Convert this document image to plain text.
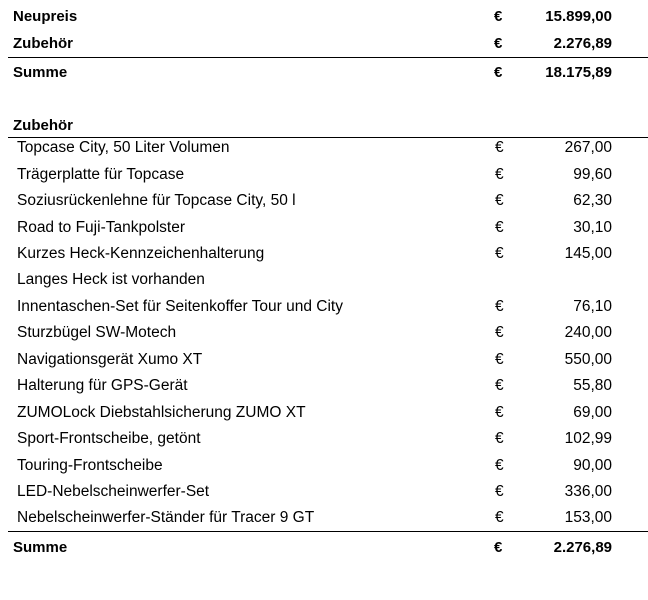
Neupreis	€	15.899,00
Zubehör	€	2.276,89
Summe	€	18.175,89
Zubehör
Topcase City, 50 Liter Volumen	€	267,00
Trägerplatte für Topcase	€	99,60
Soziusrückenlehne für Topcase City, 50 l	€	62,30
Road to Fuji-Tankpolster	€	30,10
Kurzes Heck-Kennzeichenhalterung	€	145,00
Langes Heck ist vorhanden
Innentaschen-Set für Seitenkoffer Tour und City	€	76,10
Sturzbügel SW-Motech	€	240,00
Navigationsgerät Xumo XT	€	550,00
Halterung für GPS-Gerät	€	55,80
ZUMOLock Diebstahlsicherung ZUMO XT	€	69,00
Sport-Frontscheibe, getönt	€	102,99
Touring-Frontscheibe	€	90,00
LED-Nebelscheinwerfer-Set	€	336,00
Nebelscheinwerfer-Ständer für Tracer 9 GT	€	153,00
Summe	€	2.276,89
